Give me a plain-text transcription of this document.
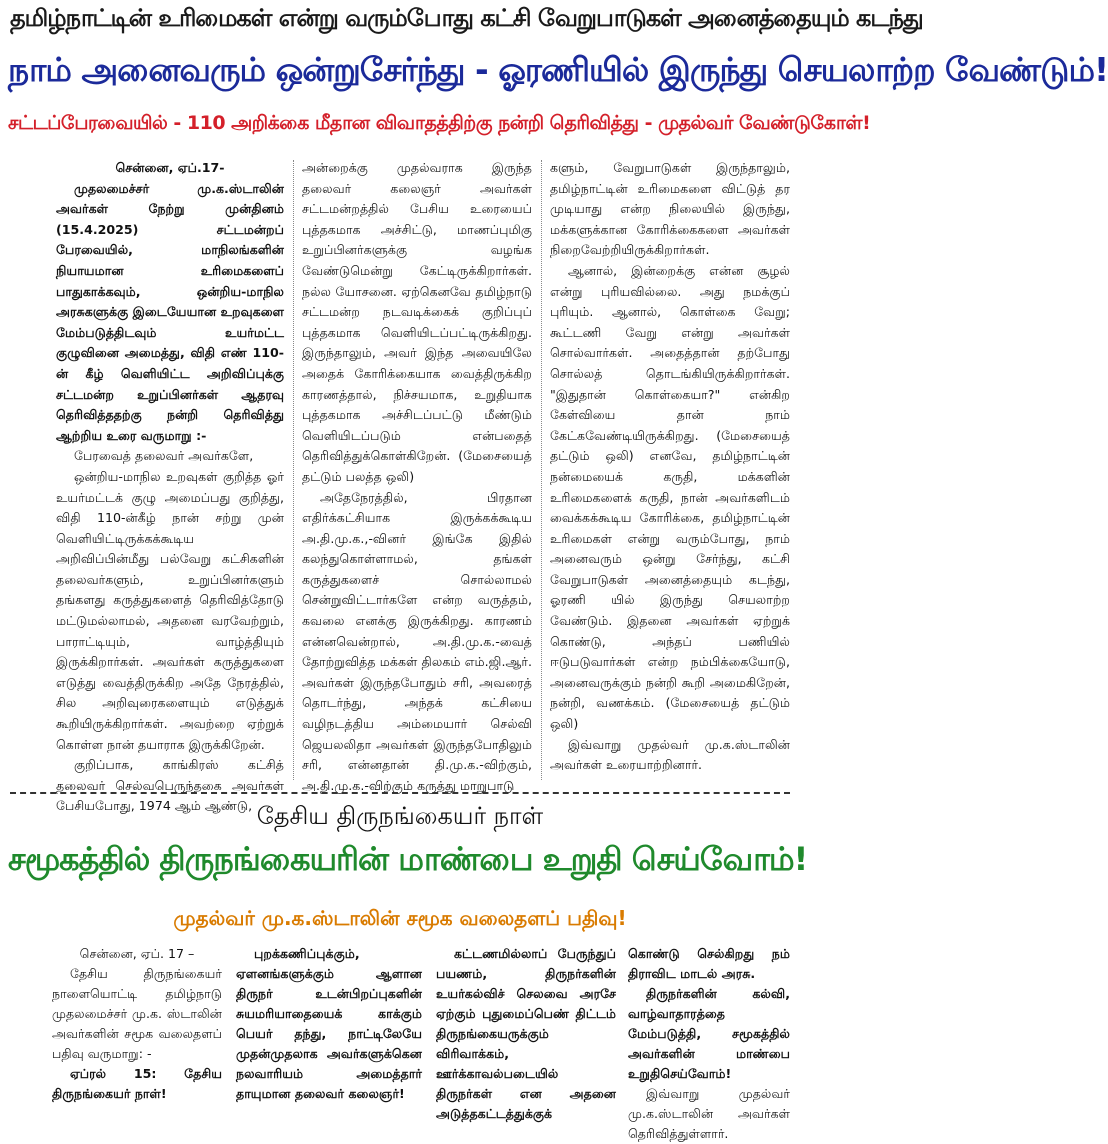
தமிழ்நாட்டின் உரிமைகள் என்று வரும்போது கட்சி வேறுபாடுகள் அனைத்தையும் கடந்து
நாம் அனைவரும் ஒன்றுசேர்ந்து - ஓரணியில் இருந்து செயலாற்ற வேண்டும்!
சட்டப்பேரவையில் - 110 அறிக்கை மீதான விவாதத்திற்கு நன்றி தெரிவித்து - முதல்வர் வேண்டுகோள்!

சென்னை, ஏப்.17-

முதலமைச்சர் மு.க.ஸ்டாலின் அவர்கள் நேற்று முன்தினம் (15.4.2025) சட்டமன்றப் பேரவையில், மாநிலங்களின் நியாயமான உரிமைகளைப் பாதுகாக்கவும், ஒன்றிய-மாநில அரசுகளுக்கு இடையேயான உறவுகளை மேம்படுத்திடவும் உயர்மட்ட குழுவினை அமைத்து, விதி எண் 110-ன் கீழ் வெளியிட்ட அறிவிப்புக்கு சட்டமன்ற உறுப்பினர்கள் ஆதரவு தெரிவித்ததற்கு நன்றி தெரிவித்து ஆற்றிய உரை வருமாறு :-

பேரவைத் தலைவர் அவர்களே,

ஒன்றிய-மாநில உறவுகள் குறித்த ஓர் உயர்மட்டக் குழு அமைப்பது குறித்து, விதி 110-ன்கீழ் நான் சற்று முன் வெளியிட்டிருக்கக்கூடிய அறிவிப்பின்மீது பல்வேறு கட்சிகளின் தலைவர்களும், உறுப்பினர்களும் தங்களது கருத்துகளைத் தெரிவித்தோடு மட்டுமல்லாமல், அதனை வரவேற்றும், பாராட்டியும், வாழ்த்தியும் இருக்கிறார்கள். அவர்கள் கருத்துகளை எடுத்து வைத்திருக்கிற அதே நேரத்தில், சில அறிவுரைகளையும் எடுத்துக் கூறியிருக்கிறார்கள். அவற்றை ஏற்றுக் கொள்ள நான் தயாராக இருக்கிறேன்.

குறிப்பாக, காங்கிரஸ் கட்சித் தலைவர் செல்வபெருந்தகை அவர்கள் பேசியபோது, 1974 ஆம் ஆண்டு,

அன்றைக்கு முதல்வராக இருந்த தலைவர் கலைஞர் அவர்கள் சட்டமன்றத்தில் பேசிய உரையைப் புத்தகமாக அச்சிட்டு, மாணப்புமிகு உறுப்பினர்களுக்கு வழங்க வேண்டுமென்று கேட்டிருக்கிறார்கள். நல்ல யோசனை. ஏற்கெனவே தமிழ்நாடு சட்டமன்ற நடவடிக்கைக் குறிப்புப் புத்தகமாக வெளியிடப்பட்டிருக்கிறது. இருந்தாலும், அவர் இந்த அவையிலே அதைக் கோரிக்கையாக வைத்திருக்கிற காரணத்தால், நிச்சயமாக, உறுதியாக புத்தகமாக அச்சிடப்பட்டு மீண்டும் வெளியிடப்படும் என்பதைத் தெரிவித்துக்கொள்கிறேன். (மேசையைத் தட்டும் பலத்த ஒலி)

அதேநேரத்தில், பிரதான எதிர்க்கட்சியாக இருக்கக்கூடிய அ.தி.மு.க.,-வினர் இங்கே இதில் கலந்துகொள்ளாமல், தங்கள் கருத்துகளைச் சொல்லாமல் சென்றுவிட்டார்களே என்ற வருத்தம், கவலை எனக்கு இருக்கிறது. காரணம் என்னவென்றால், அ.தி.மு.க.-வைத் தோற்றுவித்த மக்கள் திலகம் எம்.ஜி.ஆர். அவர்கள் இருந்தபோதும் சரி, அவரைத் தொடர்ந்து, அந்தக் கட்சியை வழிநடத்திய அம்மையார் செல்வி ஜெயலலிதா அவர்கள் இருந்தபோதிலும் சரி, என்னதான் தி.மு.க.-விற்கும், அ.தி.மு.க.-விற்கும் கருத்து மாறுபாடு

களும், வேறுபாடுகள் இருந்தாலும், தமிழ்நாட்டின் உரிமைகளை விட்டுத் தர முடியாது என்ற நிலையில் இருந்து, மக்களுக்கான கோரிக்கைகளை அவர்கள் நிறைவேற்றியிருக்கிறார்கள்.

ஆனால், இன்றைக்கு என்ன சூழல் என்று புரியவில்லை. அது நமக்குப் புரியும். ஆனால், கொள்கை வேறு; கூட்டணி வேறு என்று அவர்கள் சொல்வார்கள். அதைத்தான் தற்போது சொல்லத் தொடங்கியிருக்கிறார்கள். "இதுதான் கொள்கையா?" என்கிற கேள்வியை தான் நாம் கேட்கவேண்டியிருக்கிறது. (மேசையைத் தட்டும் ஒலி) எனவே, தமிழ்நாட்டின் நன்மையைக் கருதி, மக்களின் உரிமைகளைக் கருதி, நான் அவர்களிடம் வைக்கக்கூடிய கோரிக்கை, தமிழ்நாட்டின் உரிமைகள் என்று வரும்போது, நாம் அனைவரும் ஒன்று சேர்ந்து, கட்சி வேறுபாடுகள் அனைத்தையும் கடந்து, ஓரணி யில் இருந்து செயலாற்ற வேண்டும். இதனை அவர்கள் ஏற்றுக் கொண்டு, அந்தப் பணியில் ஈடுபடுவார்கள் என்ற நம்பிக்கையோடு, அனைவருக்கும் நன்றி கூறி அமைகிறேன், நன்றி, வணக்கம். (மேசையைத் தட்டும் ஒலி)

இவ்வாறு முதல்வர் மு.க.ஸ்டாலின் அவர்கள் உரையாற்றினார்.

தேசிய திருநங்கையர் நாள்
சமூகத்தில் திருநங்கையரின் மாண்பை உறுதி செய்வோம்!
முதல்வர் மு.க.ஸ்டாலின் சமூக வலைதளப் பதிவு!

சென்னை, ஏப். 17 –

தேசிய திருநங்கையர் நாளையொட்டி தமிழ்நாடு முதலமைச்சர் மு.க. ஸ்டாலின் அவர்களின் சமூக வலைதளப் பதிவு வருமாறு: -

ஏப்ரல் 15: தேசிய திருநங்கையர் நாள்!

புறக்கணிப்புக்கும், ஏளனங்களுக்கும் ஆளான திருநர் உடன்பிறப்புகளின் சுயமரியாதையைக் காக்கும் பெயர் தந்து, நாட்டிலேயே முதன்முதலாக அவர்களுக்கென நலவாரியம் அமைத்தார் தாயுமான தலைவர் கலைஞர்!

கட்டணமில்லாப் பேருந்துப் பயணம், திருநர்களின் உயர்கல்விச் செலவை அரசே ஏற்கும் புதுமைப்பெண் திட்டம் திருநங்கையருக்கும் விரிவாக்கம், ஊர்க்காவல்படையில் திருநர்கள் என அதனை அடுத்தகட்டத்துக்குக்

கொண்டு செல்கிறது நம் திராவிட மாடல் அரசு.

திருநர்களின் கல்வி, வாழ்வாதாரத்தை மேம்படுத்தி, சமூகத்தில் அவர்களின் மாண்பை உறுதிசெய்வோம்!

இவ்வாறு முதல்வர் மு.க.ஸ்டாலின் அவர்கள் தெரிவித்துள்ளார்.
